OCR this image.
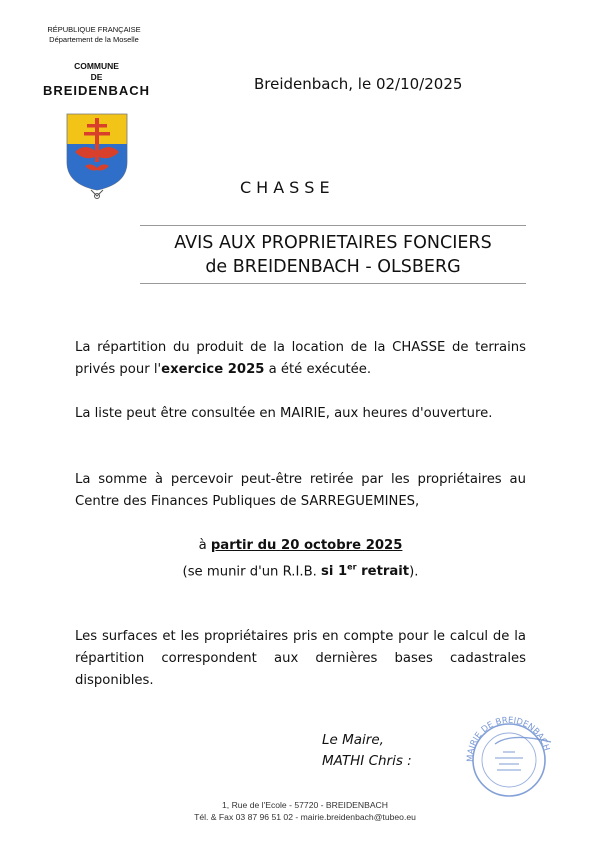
RÉPUBLIQUE FRANÇAISE
Département de la Moselle
COMMUNE
DE
BREIDENBACH	Breidenbach, le 02/10/2025
CHASSE
AVIS AUX PROPRIETAIRES FONCIERS
de BREIDENBACH - OLSBERG
La répartition du produit de la location de la CHASSE de terrains privés pour l'exercice 2025 a été exécutée.
La liste peut être consultée en MAIRIE, aux heures d'ouverture.
La somme à percevoir peut-être retirée par les propriétaires au Centre des Finances Publiques de SARREGUEMINES,
à partir du 20 octobre 2025
(se munir d'un R.I.B. si 1er retrait).
Les surfaces et les propriétaires pris en compte pour le calcul de la répartition correspondent aux dernières bases cadastrales disponibles.
Le Maire,
MATHI Chris :	MAIRIE DE BREIDENBACH
1, Rue de l'Ecole - 57720 - BREIDENBACH
Tél. & Fax 03 87 96 51 02 - mairie.breidenbach@tubeo.eu
